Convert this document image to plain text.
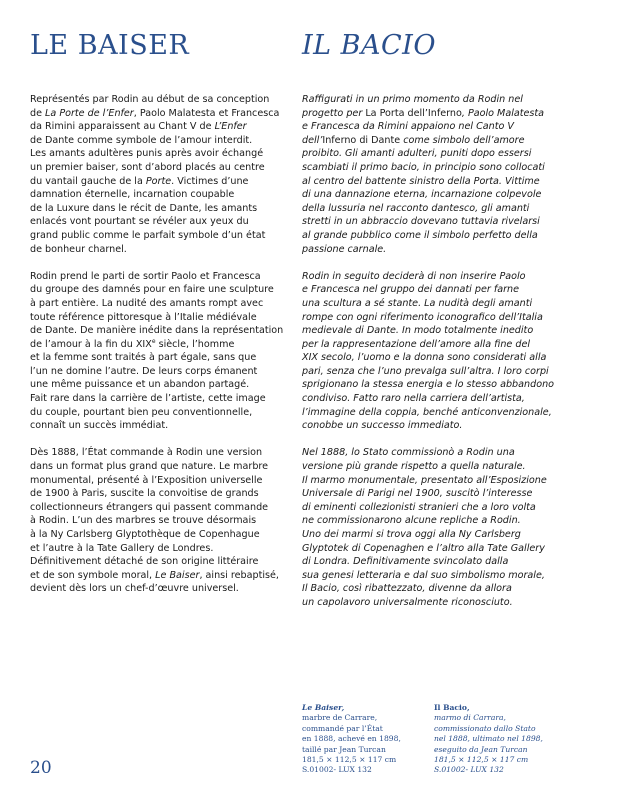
LE BAISER	IL BACIO

Représentés par Rodin au début de sa conception
de La Porte de l’Enfer, Paolo Malatesta et Francesca
da Rimini apparaissent au Chant V de L’Enfer
de Dante comme symbole de l’amour interdit.
Les amants adultères punis après avoir échangé
un premier baiser, sont d’abord placés au centre
du vantail gauche de la Porte. Victimes d’une
damnation éternelle, incarnation coupable
de la Luxure dans le récit de Dante, les amants
enlacés vont pourtant se révéler aux yeux du
grand public comme le parfait symbole d’un état
de bonheur charnel.

Rodin prend le parti de sortir Paolo et Francesca
du groupe des damnés pour en faire une sculpture
à part entière. La nudité des amants rompt avec
toute référence pittoresque à l’Italie médiévale
de Dante. De manière inédite dans la représentation
de l’amour à la fin du XIXe siècle, l’homme
et la femme sont traités à part égale, sans que
l’un ne domine l’autre. De leurs corps émanent
une même puissance et un abandon partagé.
Fait rare dans la carrière de l’artiste, cette image
du couple, pourtant bien peu conventionnelle,
connaît un succès immédiat.

Dès 1888, l’État commande à Rodin une version
dans un format plus grand que nature. Le marbre
monumental, présenté à l’Exposition universelle
de 1900 à Paris, suscite la convoitise de grands
collectionneurs étrangers qui passent commande
à Rodin. L’un des marbres se trouve désormais
à la Ny Carlsberg Glyptothèque de Copenhague
et l’autre à la Tate Gallery de Londres.
Définitivement détaché de son origine littéraire
et de son symbole moral, Le Baiser, ainsi rebaptisé,
devient dès lors un chef-d’œuvre universel.

Raffigurati in un primo momento da Rodin nel
progetto per La Porta dell’Inferno, Paolo Malatesta
e Francesca da Rimini appaiono nel Canto V
dell’Inferno di Dante come simbolo dell’amore
proibito. Gli amanti adulteri, puniti dopo essersi
scambiati il primo bacio, in principio sono collocati
al centro del battente sinistro della Porta. Vittime
di una dannazione eterna, incarnazione colpevole
della lussuria nel racconto dantesco, gli amanti
stretti in un abbraccio dovevano tuttavia rivelarsi
al grande pubblico come il simbolo perfetto della
passione carnale.

Rodin in seguito deciderà di non inserire Paolo
e Francesca nel gruppo dei dannati per farne
una scultura a sé stante. La nudità degli amanti
rompe con ogni riferimento iconografico dell’Italia
medievale di Dante. In modo totalmente inedito
per la rappresentazione dell’amore alla fine del
XIX secolo, l’uomo e la donna sono considerati alla
pari, senza che l’uno prevalga sull’altra. I loro corpi
sprigionano la stessa energia e lo stesso abbandono
condiviso. Fatto raro nella carriera dell’artista,
l’immagine della coppia, benché anticonvenzionale,
conobbe un successo immediato.

Nel 1888, lo Stato commissionò a Rodin una
versione più grande rispetto a quella naturale.
Il marmo monumentale, presentato all’Esposizione
Universale di Parigi nel 1900, suscitò l’interesse
di eminenti collezionisti stranieri che a loro volta
ne commissionarono alcune repliche a Rodin.
Uno dei marmi si trova oggi alla Ny Carlsberg
Glyptotek di Copenaghen e l’altro alla Tate Gallery
di Londra. Definitivamente svincolato dalla
sua genesi letteraria e dal suo simbolismo morale,
Il Bacio, così ribattezzato, divenne da allora
un capolavoro universalmente riconosciuto.

Le Baiser,
marbre de Carrare,
commandé par l’État
en 1888, achevé en 1898,
taillé par Jean Turcan
181,5 × 112,5 × 117 cm
S.01002- LUX 132
Il Bacio,
marmo di Carrara,
commissionato dallo Stato
nel 1888, ultimato nel 1898,
eseguito da Jean Turcan
181,5 × 112,5 × 117 cm
S.01002- LUX 132
20
